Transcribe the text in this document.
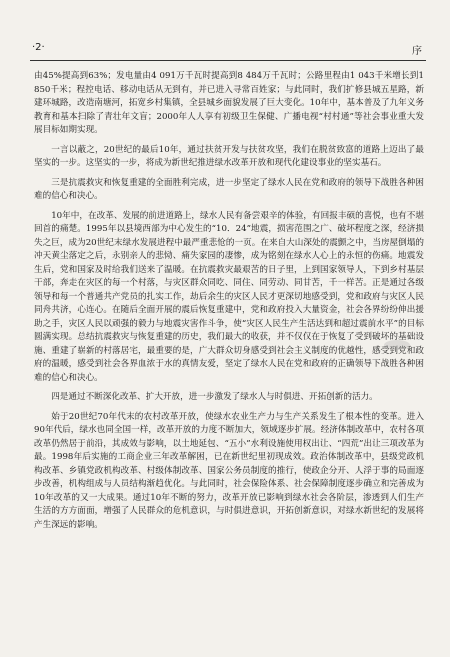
·2·	序

由45%提高到63%；发电量由4 091万千瓦时提高到8 484万千瓦时；公路里程由1 043千米增长到1 850千米；程控电话、移动电话从无到有，并已进入寻常百姓家；与此同时，我们扩修县城五星路，新建环城路，改造南塘河，拓宽乡村集镇，全县城乡面貌发展了巨大变化。10年中，基本普及了九年义务教育和基本扫除了青壮年文盲；2000年人人享有初级卫生保健、广播电视“村村通”等社会事业重大发展目标如期实现。

一言以蔽之，20世纪的最后10年，通过扶贫开发与扶贫攻坚，我们在脱贫致富的道路上迈出了最坚实的一步。这坚实的一步，将成为新世纪推进绿水改革开放和现代化建设事业的坚实基石。

三是抗震救灾和恢复重建的全面胜利完成，进一步坚定了绿水人民在党和政府的领导下战胜各种困难的信心和决心。

10年中，在改革、发展的前进道路上，绿水人民有备尝艰辛的体验，有回报丰硕的喜悦，也有不堪回首的痛楚。1995年以县境西部为中心发生的“10．24”地震，损害范围之广、破坏程度之深，经济损失之巨，成为20世纪末绿水发展进程中最严重悲怆的一页。在来自大山深处的震颤之中，当房屋倒塌的冲天黄尘落定之后，永别亲人的悲恸、痛失家园的凄惨，成为铭刻在绿水人心上的永恒的伤痛。地震发生后，党和国家及时给我们送来了温暖。在抗震救灾最艰苦的日子里，上到国家领导人，下到乡村基层干部，奔走在灾区的每一个村落，与灾区群众同吃、同住、同劳动、同甘苦，千一样苦。正是通过各级领导和每一个普通共产党员的扎实工作，劫后余生的灾区人民才更深切地感受到，党和政府与灾区人民同舟共济，心连心。在随后全面开展的震后恢复重建中，党和政府投入大量资金，社会各界纷纷伸出援助之手，灾区人民以顽强的毅力与地震灾害作斗争，使“灾区人民生产生活达到和超过震前水平”的目标圆满实现。总结抗震救灾与恢复重建的历史，我们最大的收获，并不仅仅在于恢复了受到破坏的基础设施、重建了崭新的村落居宅，最重要的是，广大群众切身感受到社会主义制度的优越性，感受到党和政府的温暖，感受到社会各界血浓于水的真情友爱，坚定了绿水人民在党和政府的正确领导下战胜各种困难的信心和决心。

四是通过不断深化改革、扩大开放，进一步激发了绿水人与时俱进、开拓创新的活力。

始于20世纪70年代末的农村改革开放，使绿水农业生产力与生产关系发生了根本性的变革。进入90年代后，绿水也同全国一样，改革开放的力度不断加大，领域逐步扩展。经济体制改革中，农村各项改革仍然居于前沿，其成效与影响，以土地延包、“五小”水利设施使用权出让、“四荒”出让三项改革为最。1998年后实施的工商企业三年改革解困，已在新世纪里初现成效。政治体制改革中，县级党政机构改革、乡镇党政机构改革、村级体制改革、国家公务员制度的推行，使政企分开、人浮于事的局面逐步改善，机构组成与人员结构渐趋优化。与此同时，社会保险体系、社会保障制度逐步确立和完善成为10年改革的又一大成果。通过10年不断的努力，改革开放已影响到绿水社会各阶层，渗透到人们生产生活的方方面面，增强了人民群众的危机意识，与时俱进意识，开拓创新意识，对绿水新世纪的发展将产生深远的影响。
